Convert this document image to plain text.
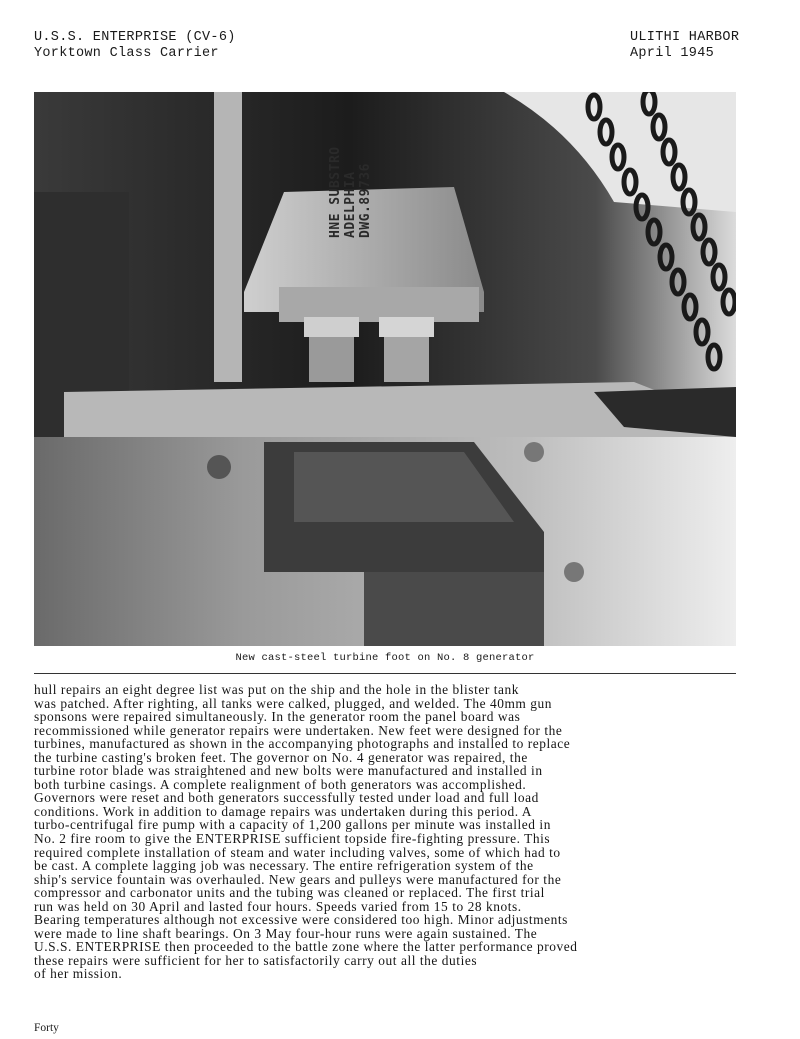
U.S.S. ENTERPRISE (CV-6)
Yorktown Class Carrier
ULITHI HARBOR
April 1945
HNE SUBSTRO ADELPHIA DWG.89736
New cast-steel turbine foot on No. 8 generator
hull repairs an eight degree list was put on the ship and the hole in the blister tank
was patched. After righting, all tanks were calked, plugged, and welded. The 40mm gun
sponsons were repaired simultaneously. In the generator room the panel board was
recommissioned while generator repairs were undertaken. New feet were designed for the
turbines, manufactured as shown in the accompanying photographs and installed to replace
the turbine casting's broken feet. The governor on No. 4 generator was repaired, the
turbine rotor blade was straightened and new bolts were manufactured and installed in
both turbine casings. A complete realignment of both generators was accomplished.
Governors were reset and both generators successfully tested under load and full load
conditions. Work in addition to damage repairs was undertaken during this period. A
turbo-centrifugal fire pump with a capacity of 1,200 gallons per minute was installed in
No. 2 fire room to give the ENTERPRISE sufficient topside fire-fighting pressure. This
required complete installation of steam and water including valves, some of which had to
be cast. A complete lagging job was necessary. The entire refrigeration system of the
ship's service fountain was overhauled. New gears and pulleys were manufactured for the
compressor and carbonator units and the tubing was cleaned or replaced. The first trial
run was held on 30 April and lasted four hours. Speeds varied from 15 to 28 knots.
Bearing temperatures although not excessive were considered too high. Minor adjustments
were made to line shaft bearings. On 3 May four-hour runs were again sustained. The
U.S.S. ENTERPRISE then proceeded to the battle zone where the latter performance proved
these repairs were sufficient for her to satisfactorily carry out all the duties
of her mission.
Forty
